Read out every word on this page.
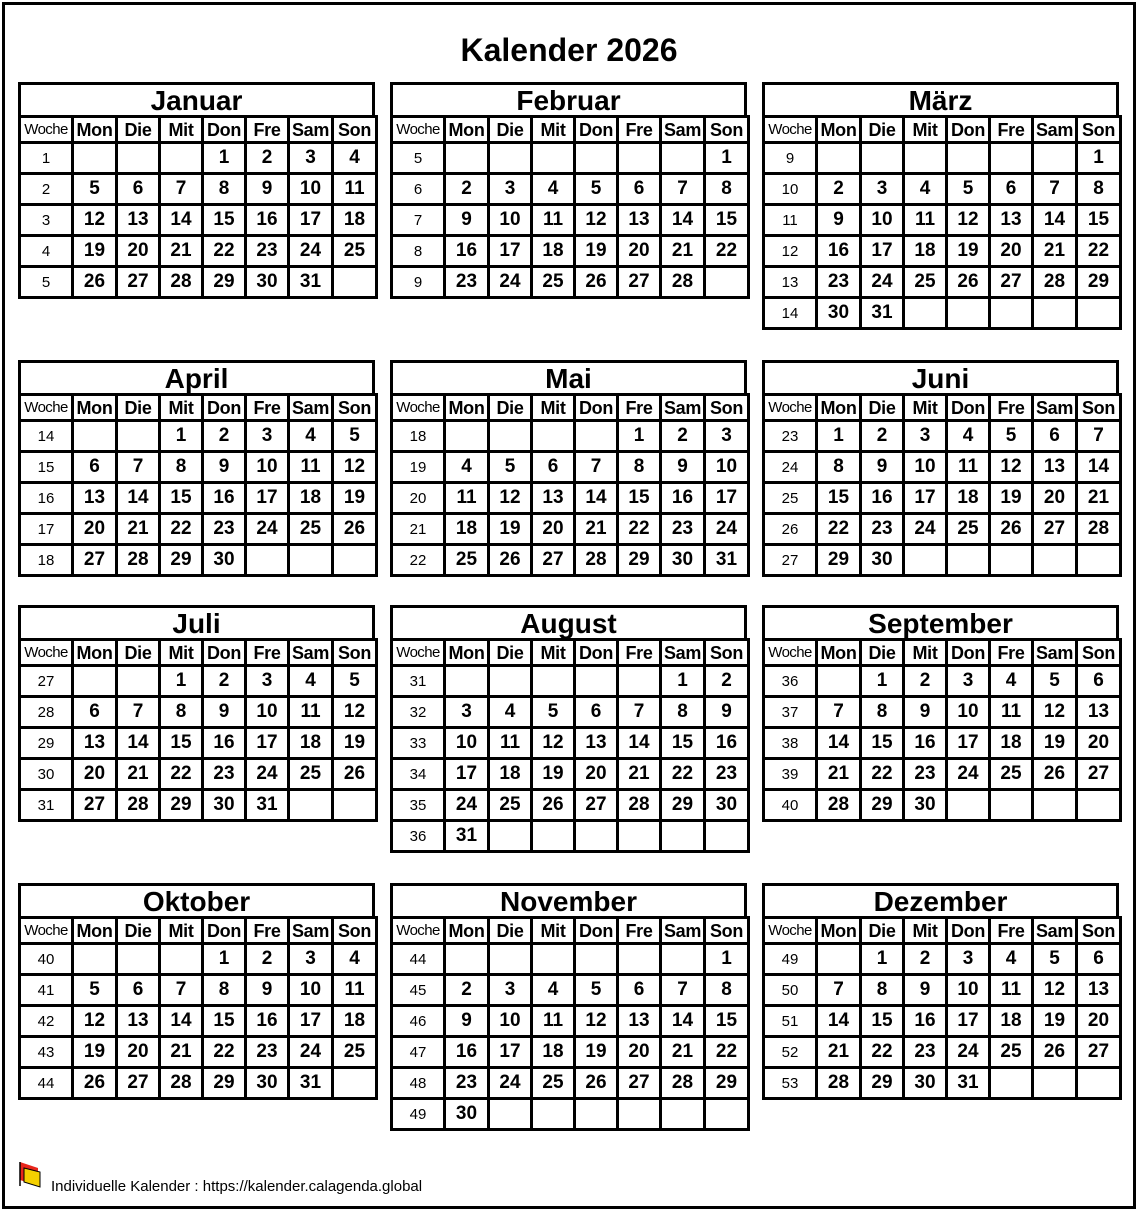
Kalender 2026
Januar
Woche	Mon	Die	Mit	Don	Fre	Sam	Son
1				1	2	3	4
2	5	6	7	8	9	10	11
3	12	13	14	15	16	17	18
4	19	20	21	22	23	24	25
5	26	27	28	29	30	31	
Februar
Woche	Mon	Die	Mit	Don	Fre	Sam	Son
5							1
6	2	3	4	5	6	7	8
7	9	10	11	12	13	14	15
8	16	17	18	19	20	21	22
9	23	24	25	26	27	28	
März
Woche	Mon	Die	Mit	Don	Fre	Sam	Son
9							1
10	2	3	4	5	6	7	8
11	9	10	11	12	13	14	15
12	16	17	18	19	20	21	22
13	23	24	25	26	27	28	29
14	30	31					
April
Woche	Mon	Die	Mit	Don	Fre	Sam	Son
14			1	2	3	4	5
15	6	7	8	9	10	11	12
16	13	14	15	16	17	18	19
17	20	21	22	23	24	25	26
18	27	28	29	30			
Mai
Woche	Mon	Die	Mit	Don	Fre	Sam	Son
18					1	2	3
19	4	5	6	7	8	9	10
20	11	12	13	14	15	16	17
21	18	19	20	21	22	23	24
22	25	26	27	28	29	30	31
Juni
Woche	Mon	Die	Mit	Don	Fre	Sam	Son
23	1	2	3	4	5	6	7
24	8	9	10	11	12	13	14
25	15	16	17	18	19	20	21
26	22	23	24	25	26	27	28
27	29	30					
Juli
Woche	Mon	Die	Mit	Don	Fre	Sam	Son
27			1	2	3	4	5
28	6	7	8	9	10	11	12
29	13	14	15	16	17	18	19
30	20	21	22	23	24	25	26
31	27	28	29	30	31		
August
Woche	Mon	Die	Mit	Don	Fre	Sam	Son
31						1	2
32	3	4	5	6	7	8	9
33	10	11	12	13	14	15	16
34	17	18	19	20	21	22	23
35	24	25	26	27	28	29	30
36	31						
September
Woche	Mon	Die	Mit	Don	Fre	Sam	Son
36		1	2	3	4	5	6
37	7	8	9	10	11	12	13
38	14	15	16	17	18	19	20
39	21	22	23	24	25	26	27
40	28	29	30				
Oktober
Woche	Mon	Die	Mit	Don	Fre	Sam	Son
40				1	2	3	4
41	5	6	7	8	9	10	11
42	12	13	14	15	16	17	18
43	19	20	21	22	23	24	25
44	26	27	28	29	30	31	
November
Woche	Mon	Die	Mit	Don	Fre	Sam	Son
44							1
45	2	3	4	5	6	7	8
46	9	10	11	12	13	14	15
47	16	17	18	19	20	21	22
48	23	24	25	26	27	28	29
49	30						
Dezember
Woche	Mon	Die	Mit	Don	Fre	Sam	Son
49		1	2	3	4	5	6
50	7	8	9	10	11	12	13
51	14	15	16	17	18	19	20
52	21	22	23	24	25	26	27
53	28	29	30	31			
Individuelle Kalender : https://kalender.calagenda.global
